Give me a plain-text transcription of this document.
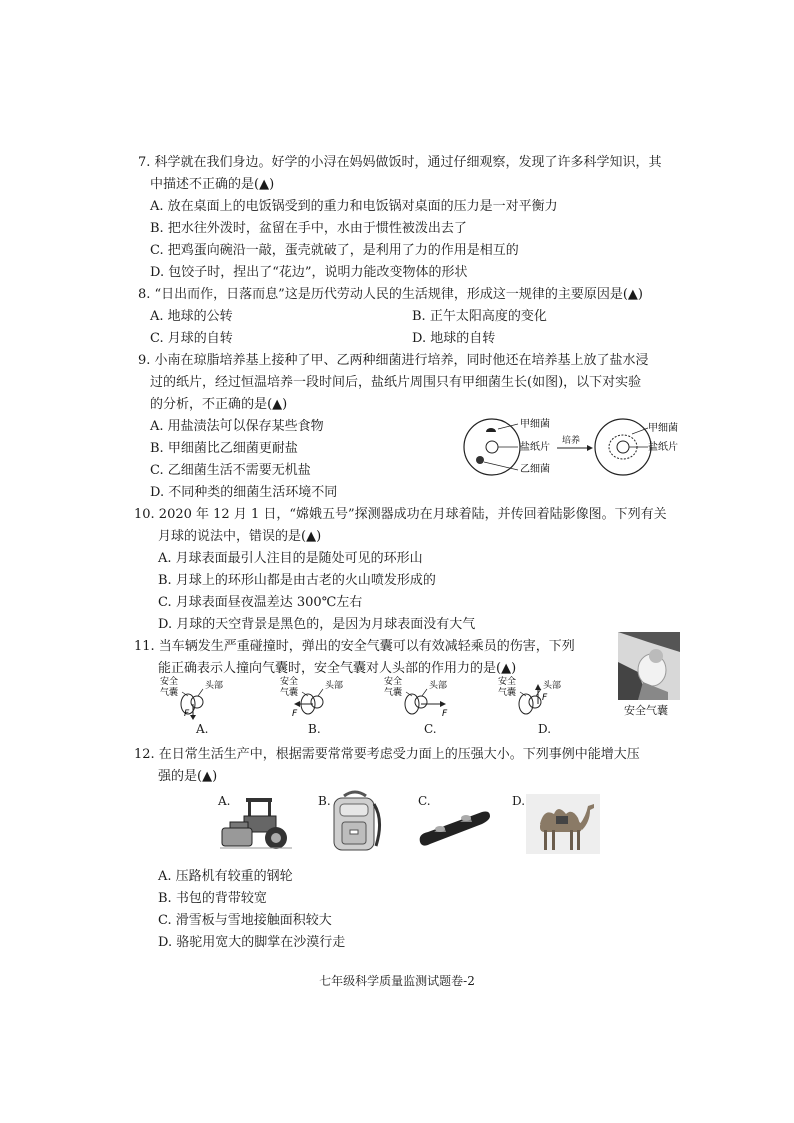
7. 科学就在我们身边。好学的小浔在妈妈做饭时，通过仔细观察，发现了许多科学知识，其
中描述不正确的是(▲)
A. 放在桌面上的电饭锅受到的重力和电饭锅对桌面的压力是一对平衡力
B. 把水往外泼时，盆留在手中，水由于惯性被泼出去了
C. 把鸡蛋向碗沿一敲，蛋壳就破了，是利用了力的作用是相互的
D. 包饺子时，捏出了“花边”，说明力能改变物体的形状
8. “日出而作，日落而息”这是历代劳动人民的生活规律，形成这一规律的主要原因是(▲)
A. 地球的公转	B. 正午太阳高度的变化
C. 月球的自转	D. 地球的自转
9. 小南在琼脂培养基上接种了甲、乙两种细菌进行培养，同时他还在培养基上放了盐水浸
过的纸片，经过恒温培养一段时间后，盐纸片周围只有甲细菌生长(如图)，以下对实验
的分析，不正确的是(▲)
A. 用盐渍法可以保存某些食物
B. 甲细菌比乙细菌更耐盐
C. 乙细菌生活不需要无机盐
D. 不同种类的细菌生活环境不同
甲细菌
盐纸片
乙细菌
培养
甲细菌
盐纸片
10. 2020 年 12 月 1 日，“嫦娥五号”探测器成功在月球着陆，并传回着陆影像图。下列有关
月球的说法中，错误的是(▲)
A. 月球表面最引人注目的是随处可见的环形山
B. 月球上的环形山都是由古老的火山喷发形成的
C. 月球表面昼夜温差达 300℃左右
D. 月球的天空背景是黑色的，是因为月球表面没有大气
11. 当车辆发生严重碰撞时，弹出的安全气囊可以有效减轻乘员的伤害，下列
能正确表示人撞向气囊时，安全气囊对人头部的作用力的是(▲)
安全
气囊
头部
F
安全
气囊
头部
F
安全
气囊
头部
F
安全
气囊
头部
F
A.	B.	C.	D.
安全气囊
12. 在日常生活生产中，根据需要常常要考虑受力面上的压强大小。下列事例中能增大压
强的是(▲)
A.	B.	C.	D.
A. 压路机有较重的钢轮
B. 书包的背带较宽
C. 滑雪板与雪地接触面积较大
D. 骆驼用宽大的脚掌在沙漠行走
七年级科学质量监测试题卷-2
